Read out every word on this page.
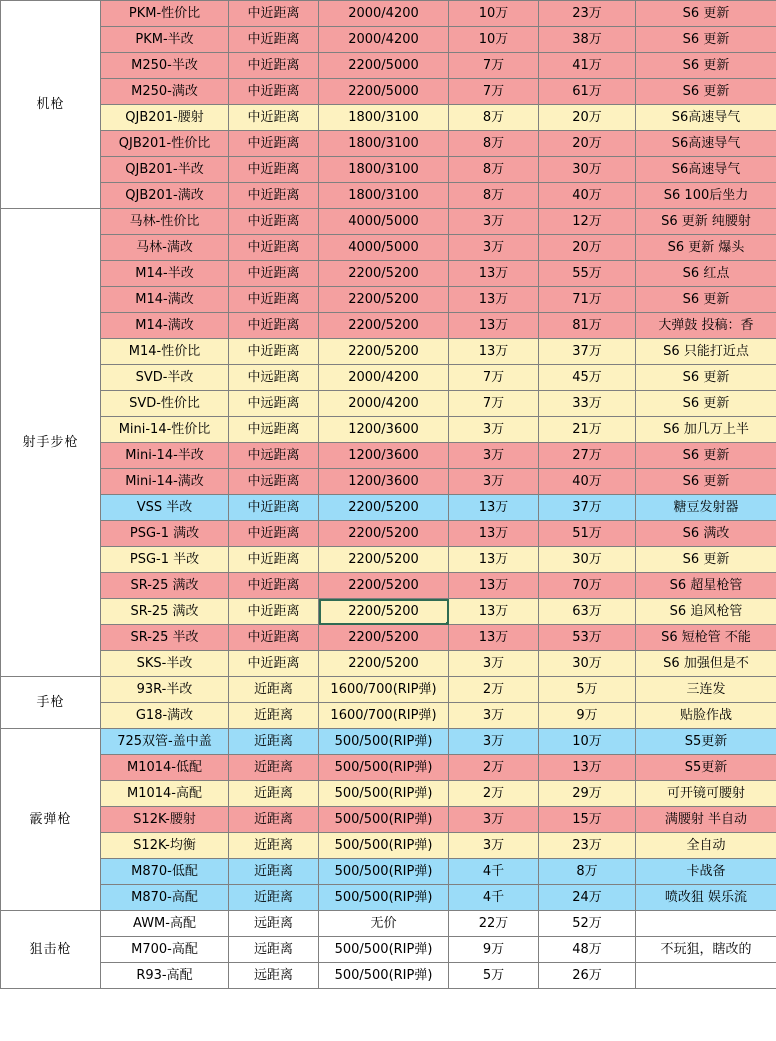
机枪	PKM-性价比	中近距离	2000/4200	10万	23万	S6 更新
	PKM-半改	中近距离	2000/4200	10万	38万	S6 更新
	M250-半改	中近距离	2200/5000	7万	41万	S6 更新
	M250-满改	中近距离	2200/5000	7万	61万	S6 更新
	QJB201-腰射	中近距离	1800/3100	8万	20万	S6高速导气
	QJB201-性价比	中近距离	1800/3100	8万	20万	S6高速导气
	QJB201-半改	中近距离	1800/3100	8万	30万	S6高速导气
	QJB201-满改	中近距离	1800/3100	8万	40万	S6 100后坐力
射手步枪	马林-性价比	中近距离	4000/5000	3万	12万	S6 更新 纯腰射
	马林-满改	中近距离	4000/5000	3万	20万	S6 更新 爆头
	M14-半改	中近距离	2200/5200	13万	55万	S6 红点
	M14-满改	中近距离	2200/5200	13万	71万	S6 更新
	M14-满改	中近距离	2200/5200	13万	81万	大弹鼓 投稿：香
	M14-性价比	中近距离	2200/5200	13万	37万	S6 只能打近点
	SVD-半改	中远距离	2000/4200	7万	45万	S6 更新
	SVD-性价比	中远距离	2000/4200	7万	33万	S6 更新
	Mini-14-性价比	中远距离	1200/3600	3万	21万	S6 加几万上半
	Mini-14-半改	中远距离	1200/3600	3万	27万	S6 更新
	Mini-14-满改	中远距离	1200/3600	3万	40万	S6 更新
	VSS 半改	中近距离	2200/5200	13万	37万	糖豆发射器
	PSG-1 满改	中近距离	2200/5200	13万	51万	S6 满改
	PSG-1 半改	中近距离	2200/5200	13万	30万	S6 更新
	SR-25 满改	中近距离	2200/5200	13万	70万	S6 超星枪管
	SR-25 满改	中近距离	2200/5200	13万	63万	S6 追风枪管
	SR-25 半改	中近距离	2200/5200	13万	53万	S6 短枪管 不能
	SKS-半改	中近距离	2200/5200	3万	30万	S6 加强但是不
手枪	93R-半改	近距离	1600/700(RIP弹)	2万	5万	三连发
	G18-满改	近距离	1600/700(RIP弹)	3万	9万	贴脸作战
霰弹枪	725双管-盖中盖	近距离	500/500(RIP弹)	3万	10万	S5更新
	M1014-低配	近距离	500/500(RIP弹)	2万	13万	S5更新
	M1014-高配	近距离	500/500(RIP弹)	2万	29万	可开镜可腰射
	S12K-腰射	近距离	500/500(RIP弹)	3万	15万	满腰射 半自动
	S12K-均衡	近距离	500/500(RIP弹)	3万	23万	全自动
	M870-低配	近距离	500/500(RIP弹)	4千	8万	卡战备
	M870-高配	近距离	500/500(RIP弹)	4千	24万	喷改狙 娱乐流
狙击枪	AWM-高配	远距离	无价	22万	52万	
	M700-高配	远距离	500/500(RIP弹)	9万	48万	不玩狙，瞎改的
	R93-高配	远距离	500/500(RIP弹)	5万	26万	
